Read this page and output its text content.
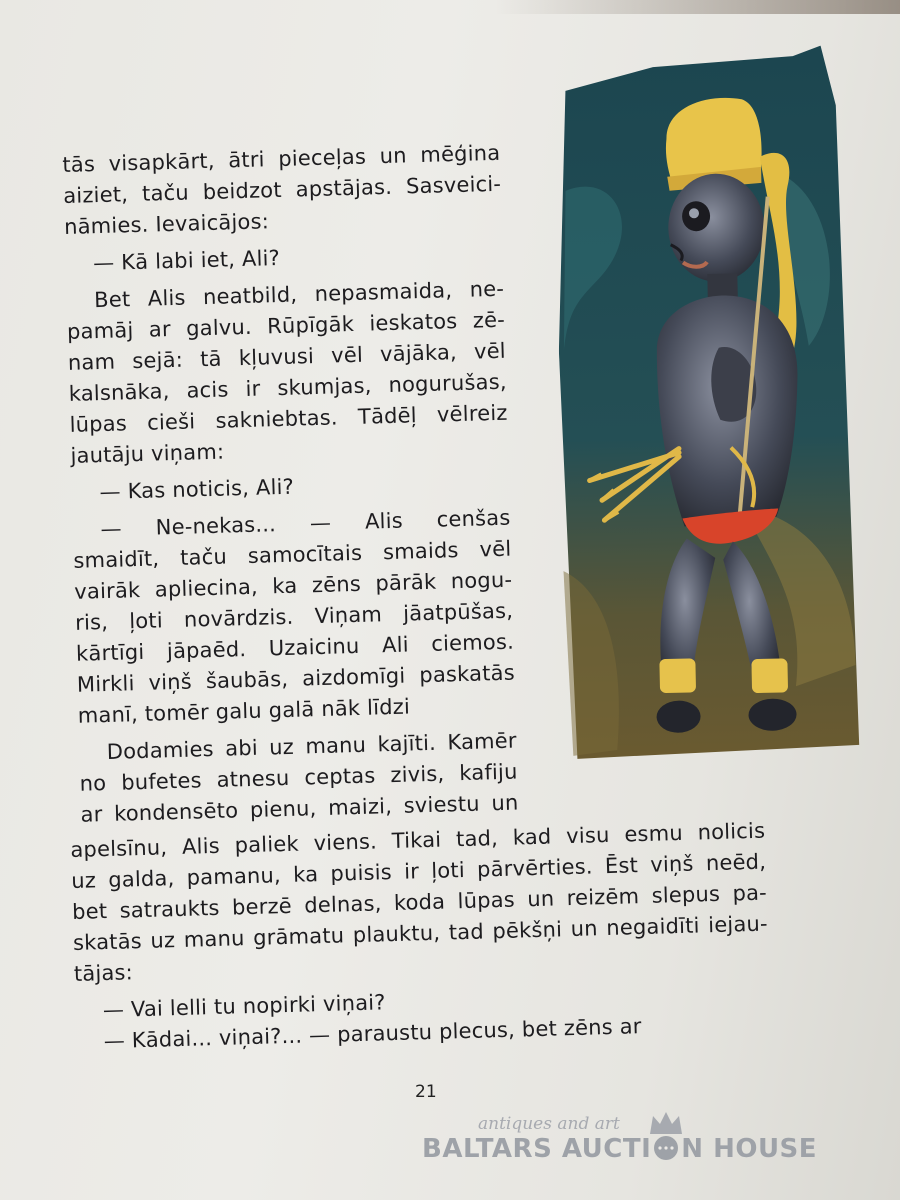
tās visapkārt, ātri pieceļas un mēģina
aiziet, taču beidzot apstājas. Sasveici-
nāmies. Ievaicājos:
— Kā labi iet, Ali?
Bet Alis neatbild, nepasmaida, ne-
pamāj ar galvu. Rūpīgāk ieskatos zē-
nam sejā: tā kļuvusi vēl vājāka, vēl
kalsnāka, acis ir skumjas, nogurušas,
lūpas cieši sakniebtas. Tādēļ vēlreiz
jautāju viņam:
— Kas noticis, Ali?
— Ne-nekas... — Alis cenšas
smaidīt, taču samocītais smaids vēl
vairāk apliecina, ka zēns pārāk nogu-
ris, ļoti novārdzis. Viņam jāatpūšas,
kārtīgi jāpaēd. Uzaicinu Ali ciemos.
Mirkli viņš šaubās, aizdomīgi paskatās
manī, tomēr galu galā nāk līdzi
Dodamies abi uz manu kajīti. Kamēr
no bufetes atnesu ceptas zivis, kafiju
ar kondensēto pienu, maizi, sviestu un
apelsīnu, Alis paliek viens. Tikai tad, kad visu esmu nolicis
uz galda, pamanu, ka puisis ir ļoti pārvērties. Ēst viņš neēd,
bet satraukts berzē delnas, koda lūpas un reizēm slepus pa-
skatās uz manu grāmatu plauktu, tad pēkšņi un negaidīti iejau-
tājas:
— Vai lelli tu nopirki viņai?
— Kādai... viņai?... — paraustu plecus, bet zēns ar
21
antiques and art
BALTARS AUCTI N HOUSE
